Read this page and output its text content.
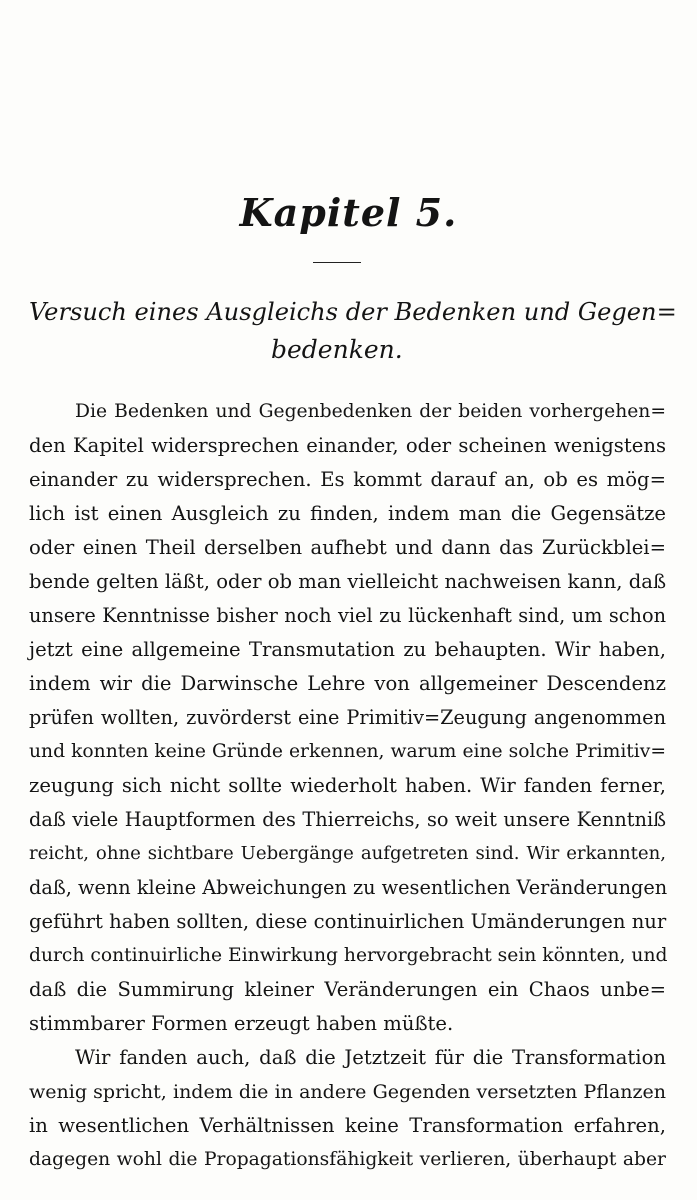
Kapitel 5.
Versuch eines Ausgleichs der Bedenken und Gegen=
bedenken.
Die Bedenken und Gegenbedenken der beiden vorhergehen=
den Kapitel widersprechen einander, oder scheinen wenigstens
einander zu widersprechen. Es kommt darauf an, ob es mög=
lich ist einen Ausgleich zu finden, indem man die Gegensätze
oder einen Theil derselben aufhebt und dann das Zurückblei=
bende gelten läßt, oder ob man vielleicht nachweisen kann, daß
unsere Kenntnisse bisher noch viel zu lückenhaft sind, um schon
jetzt eine allgemeine Transmutation zu behaupten. Wir haben,
indem wir die Darwinsche Lehre von allgemeiner Descendenz
prüfen wollten, zuvörderst eine Primitiv=Zeugung angenommen
und konnten keine Gründe erkennen, warum eine solche Primitiv=
zeugung sich nicht sollte wiederholt haben. Wir fanden ferner,
daß viele Hauptformen des Thierreichs, so weit unsere Kenntniß
reicht, ohne sichtbare Uebergänge aufgetreten sind. Wir erkannten,
daß, wenn kleine Abweichungen zu wesentlichen Veränderungen
geführt haben sollten, diese continuirlichen Umänderungen nur
durch continuirliche Einwirkung hervorgebracht sein könnten, und
daß die Summirung kleiner Veränderungen ein Chaos unbe=
stimmbarer Formen erzeugt haben müßte.
Wir fanden auch, daß die Jetztzeit für die Transformation
wenig spricht, indem die in andere Gegenden versetzten Pflanzen
in wesentlichen Verhältnissen keine Transformation erfahren,
dagegen wohl die Propagationsfähigkeit verlieren, überhaupt aber
